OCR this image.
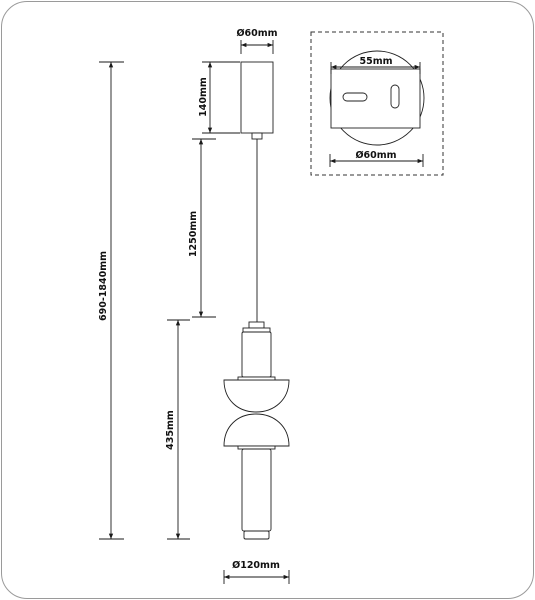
Ø60mm
140mm
1250mm
690-1840mm
435mm
Ø120mm
55mm
Ø60mm
